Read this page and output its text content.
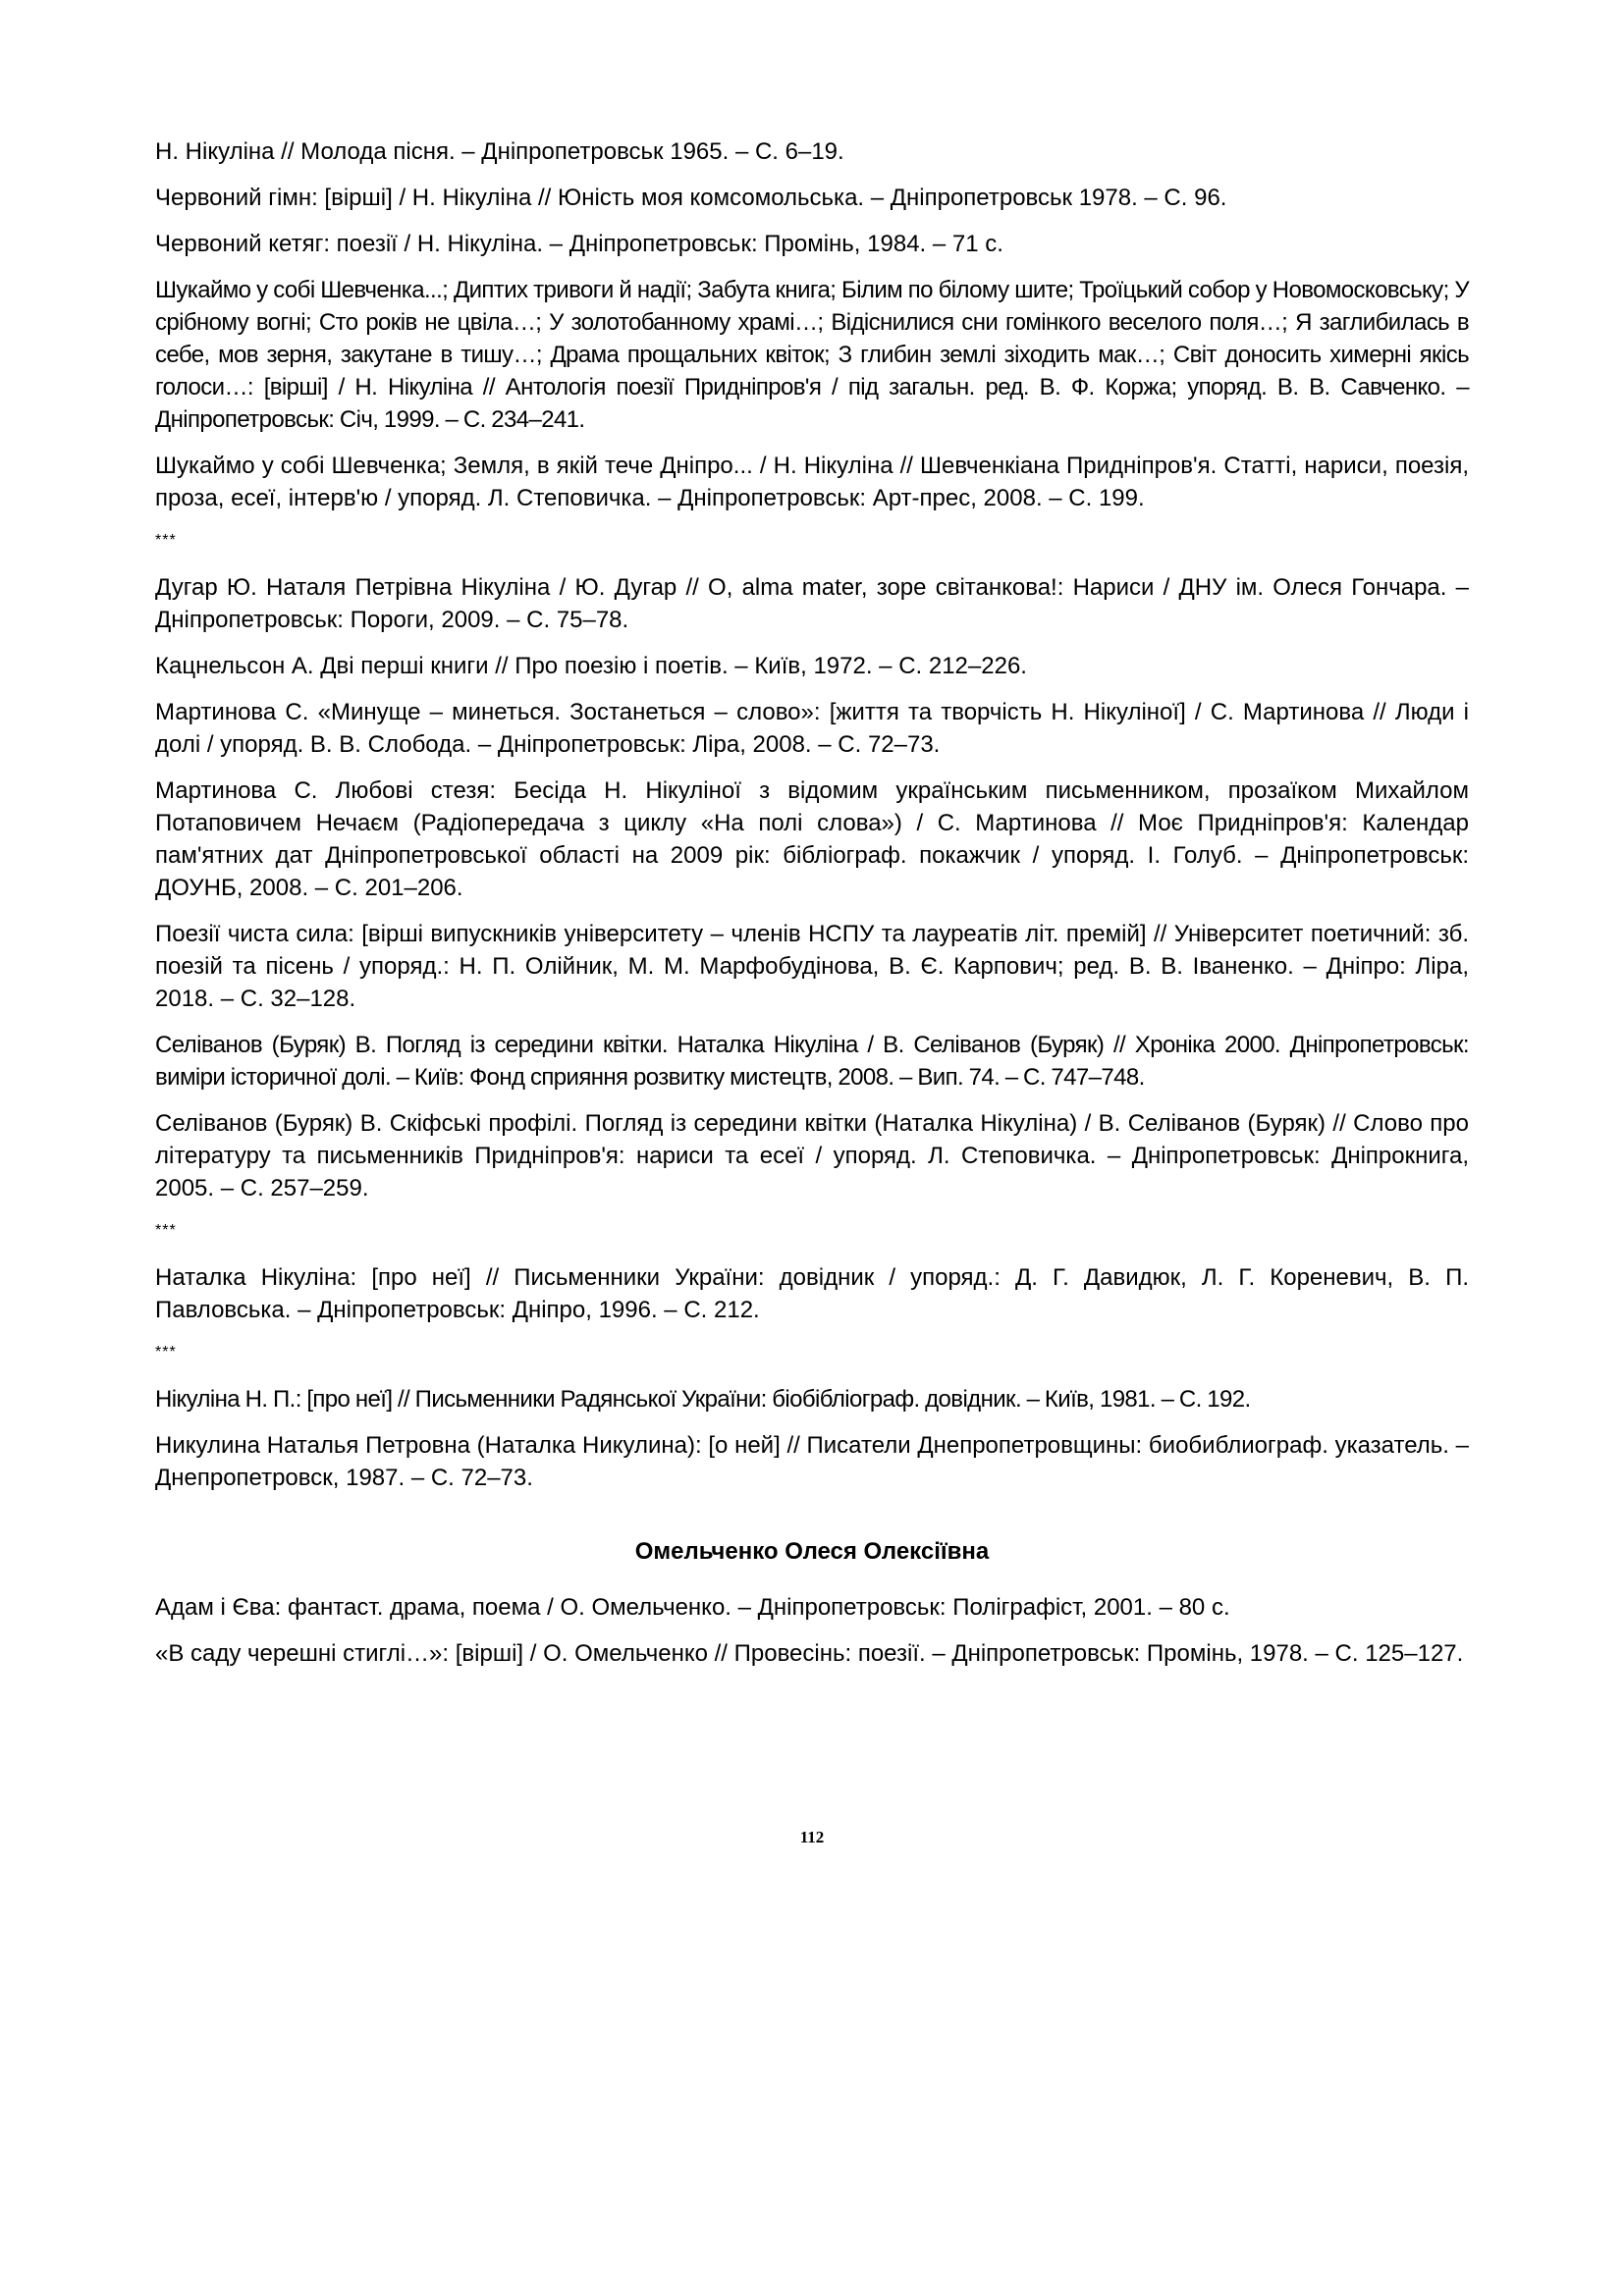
Н. Нікуліна // Молода пісня. – Дніпропетровськ 1965. – С. 6–19.

Червоний гімн: [вірші] / Н. Нікуліна // Юність моя комсомольська. – Дніпропетровськ 1978. – С. 96.

Червоний кетяг: поезії / Н. Нікуліна. – Дніпропетровськ: Промінь, 1984. – 71 с.

Шукаймо у собі Шевченка...; Диптих тривоги й надії; Забута книга; Білим по білому шите; Троїцький собор у Новомосковську; У срібному вогні; Сто років не цвіла…; У золотобанному храмі…; Відіснилися сни гомінкого веселого поля…; Я заглибилась в себе, мов зерня, закутане в тишу…; Драма прощальних квіток; З глибин землі зіходить мак…; Світ доносить химерні якісь голоси…: [вірші] / Н. Нікуліна // Антологія поезії Придніпров'я / під загальн. ред. В. Ф. Коржа; упоряд. В. В. Савченко. – Дніпропетровськ: Січ, 1999. – С. 234–241.

Шукаймо у собі Шевченка; Земля, в якій тече Дніпро... / Н. Нікуліна // Шевченкіана Придніпров'я. Статті, нариси, поезія, проза, есеї, інтерв'ю / упоряд. Л. Степовичка. – Дніпропетровськ: Арт-прес, 2008. – С. 199.

***

Дугар Ю. Наталя Петрівна Нікуліна / Ю. Дугар // О, alma mater, зоре світанкова!: Нариси / ДНУ ім. Олеся Гончара. – Дніпропетровськ: Пороги, 2009. – С. 75–78.

Кацнельсон А. Дві перші книги // Про поезію і поетів. – Київ, 1972. – С. 212–226.

Мартинова С. «Минуще – минеться. Зостанеться – слово»: [життя та творчість Н. Нікуліної] / С. Мартинова // Люди і долі / упоряд. В. В. Слобода. – Дніпропетровськ: Ліра, 2008. – С. 72–73.

Мартинова С. Любові стезя: Бесіда Н. Нікуліної з відомим українським письменником, прозаїком Михайлом Потаповичем Нечаєм (Радіопередача з циклу «На полі слова») / С. Мартинова // Моє Придніпров'я: Календар пам'ятних дат Дніпропетровської області на 2009 рік: бібліограф. покажчик / упоряд. І. Голуб. – Дніпропетровськ: ДОУНБ, 2008. – С. 201–206.

Поезії чиста сила: [вірші випускників університету – членів НСПУ та лауреатів літ. премій] // Університет поетичний: зб. поезій та пісень / упоряд.: Н. П. Олійник, М. М. Марфобудінова, В. Є. Карпович; ред. В. В. Іваненко. – Дніпро: Ліра, 2018. – С. 32–128.

Селіванов (Буряк) В. Погляд із середини квітки. Наталка Нікуліна / В. Селіванов (Буряк) // Хроніка 2000. Дніпропетровськ: виміри історичної долі. – Київ: Фонд сприяння розвитку мистецтв, 2008. – Вип. 74. – С. 747–748.

Селіванов (Буряк) В. Скіфські профілі. Погляд із середини квітки (Наталка Нікуліна) / В. Селіванов (Буряк) // Слово про літературу та письменників Придніпров'я: нариси та есеї / упоряд. Л. Степовичка. – Дніпропетровськ: Дніпрокнига, 2005. – С. 257–259.

***

Наталка Нікуліна: [про неї] // Письменники України: довідник / упоряд.: Д. Г. Давидюк, Л. Г. Кореневич, В. П. Павловська. – Дніпропетровськ: Дніпро, 1996. – С. 212.

***

Нікуліна Н. П.: [про неї] // Письменники Радянської України: біобібліограф. довідник. – Київ, 1981. – С. 192.

Никулина Наталья Петровна (Наталка Никулина): [о ней] // Писатели Днепропетровщины: биобиблиограф. указатель. – Днепропетровск, 1987. – С. 72–73.

Омельченко Олеся Олексіївна

Адам і Єва: фантаст. драма, поема / О. Омельченко. – Дніпропетровськ: Поліграфіст, 2001. – 80 с.

«В саду черешні стиглі…»: [вірші] / О. Омельченко // Провесінь: поезії. – Дніпропетровськ: Промінь, 1978. – С. 125–127.

112
